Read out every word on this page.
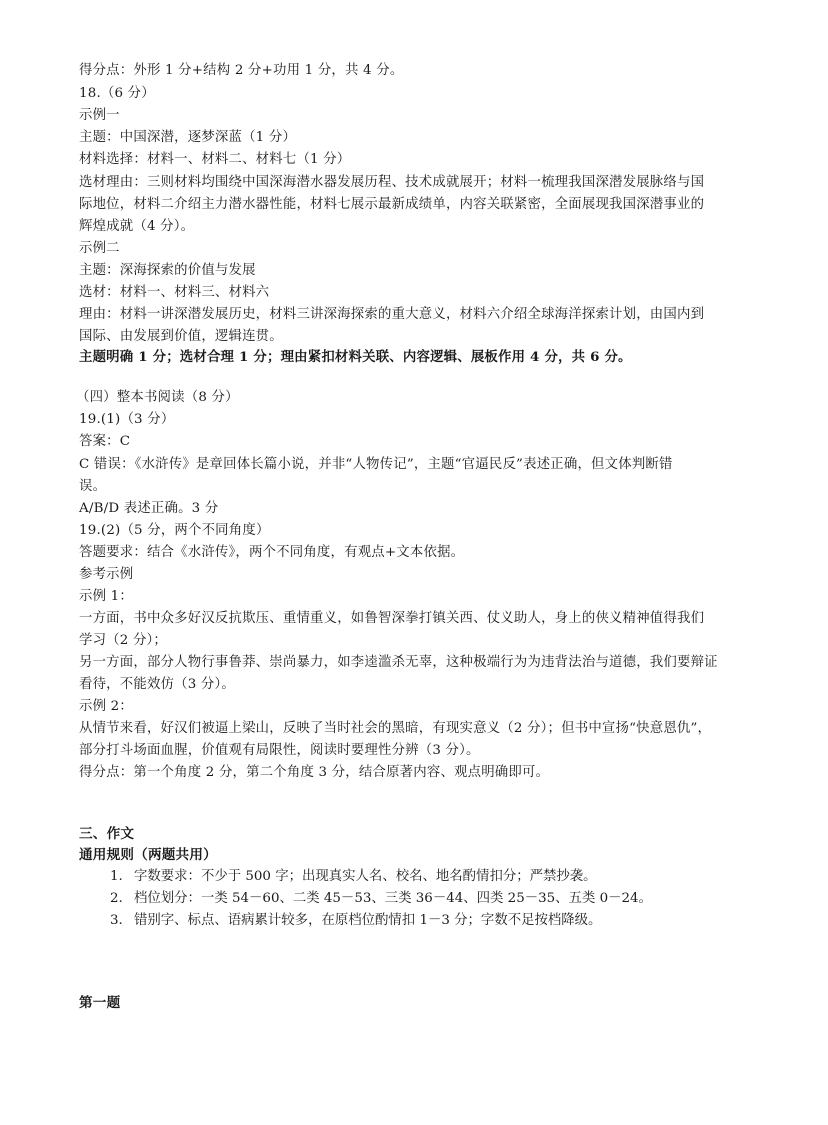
得分点：外形 1 分+结构 2 分+功用 1 分，共 4 分。
18.（6 分）
示例一
主题：中国深潜，逐梦深蓝（1 分）
材料选择：材料一、材料二、材料七（1 分）
选材理由：三则材料均围绕中国深海潜水器发展历程、技术成就展开；材料一梳理我国深潜发展脉络与国
际地位，材料二介绍主力潜水器性能，材料七展示最新成绩单，内容关联紧密，全面展现我国深潜事业的
辉煌成就（4 分）。
示例二
主题：深海探索的价值与发展
选材：材料一、材料三、材料六
理由：材料一讲深潜发展历史，材料三讲深海探索的重大意义，材料六介绍全球海洋探索计划，由国内到
国际、由发展到价值，逻辑连贯。
主题明确 1 分；选材合理 1 分；理由紧扣材料关联、内容逻辑、展板作用 4 分，共 6 分。
（四）整本书阅读（8 分）
19.(1)（3 分）
答案：C
C 错误：《水浒传》是章回体长篇小说，并非“人物传记”，主题“官逼民反”表述正确，但文体判断错
误。
A/B/D 表述正确。3 分
19.(2)（5 分，两个不同角度）
答题要求：结合《水浒传》，两个不同角度，有观点+文本依据。
参考示例
示例 1：
一方面，书中众多好汉反抗欺压、重情重义，如鲁智深拳打镇关西、仗义助人，身上的侠义精神值得我们
学习（2 分）；
另一方面，部分人物行事鲁莽、崇尚暴力，如李逵滥杀无辜，这种极端行为为违背法治与道德，我们要辩证
看待，不能效仿（3 分）。
示例 2：
从情节来看，好汉们被逼上梁山，反映了当时社会的黑暗，有现实意义（2 分）；但书中宣扬“快意恩仇”，
部分打斗场面血腥，价值观有局限性，阅读时要理性分辨（3 分）。
得分点：第一个角度 2 分，第二个角度 3 分，结合原著内容、观点明确即可。
三、作文
通用规则（两题共用）
1. 字数要求：不少于 500 字；出现真实人名、校名、地名酌情扣分；严禁抄袭。
2. 档位划分：一类 54－60、二类 45－53、三类 36－44、四类 25－35、五类 0－24。
3. 错别字、标点、语病累计较多，在原档位酌情扣 1－3 分；字数不足按档降级。
第一题
